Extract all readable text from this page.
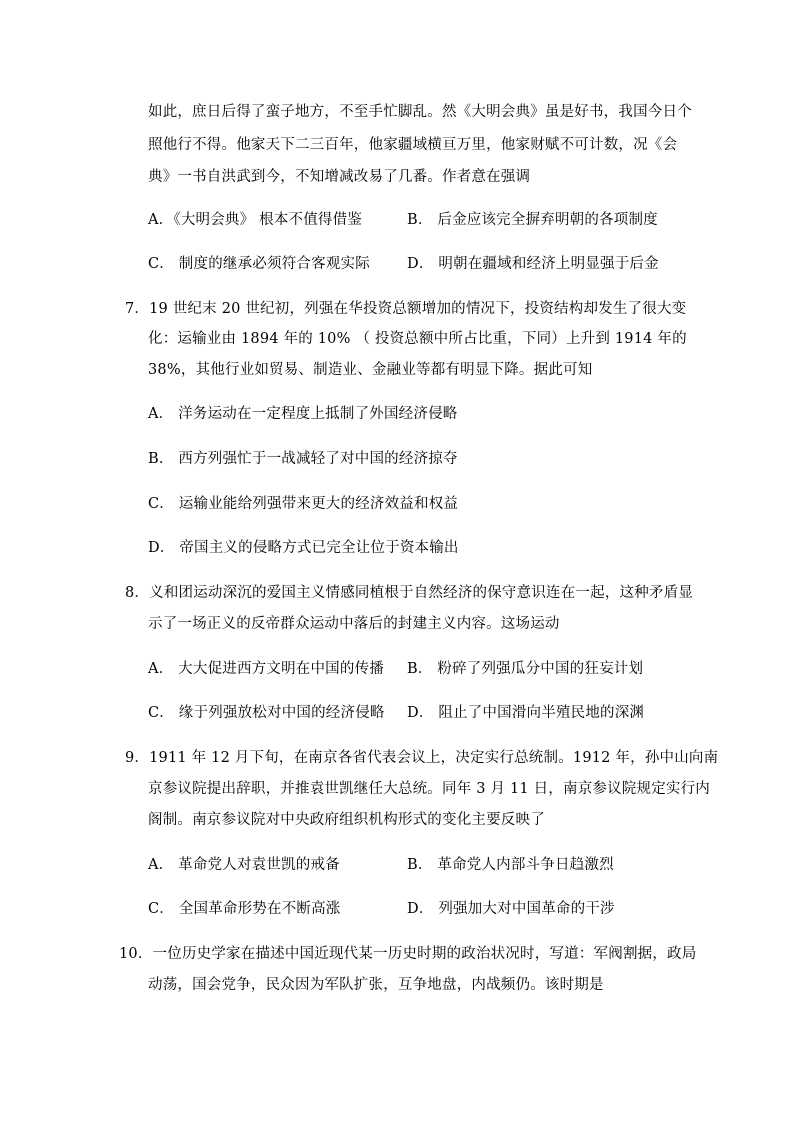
如此，庶日后得了蛮子地方，不至手忙脚乱。然《大明会典》虽是好书，我国今日个
照他行不得。他家天下二三百年，他家疆域横亘万里，他家财赋不可计数，况《会
典》一书自洪武到今，不知增减改易了几番。作者意在强调
A．《大明会典》 根本不值得借鉴	B． 后金应该完全摒弃明朝的各项制度
C． 制度的继承必须符合客观实际	D． 明朝在疆域和经济上明显强于后金
7．19 世纪末 20 世纪初，列强在华投资总额增加的情况下，投资结构却发生了很大变
化：运输业由 1894 年的 10% （ 投资总额中所占比重，下同）上升到 1914 年的
38%，其他行业如贸易、制造业、金融业等都有明显下降。据此可知
A． 洋务运动在一定程度上抵制了外国经济侵略
B． 西方列强忙于一战减轻了对中国的经济掠夺
C． 运输业能给列强带来更大的经济效益和权益
D． 帝国主义的侵略方式已完全让位于资本输出
8．义和团运动深沉的爱国主义情感同植根于自然经济的保守意识连在一起，这种矛盾显
示了一场正义的反帝群众运动中落后的封建主义内容。这场运动
A． 大大促进西方文明在中国的传播 B． 粉碎了列强瓜分中国的狂妄计划
C． 缘于列强放松对中国的经济侵略 D． 阻止了中国滑向半殖民地的深渊
9．1911 年 12 月下旬，在南京各省代表会议上，决定实行总统制。1912 年，孙中山向南
京参议院提出辞职，并推袁世凯继任大总统。同年 3 月 11 日，南京参议院规定实行内
阁制。南京参议院对中央政府组织机构形式的变化主要反映了
A． 革命党人对袁世凯的戒备	B． 革命党人内部斗争日趋激烈
C． 全国革命形势在不断高涨	D． 列强加大对中国革命的干涉
10．一位历史学家在描述中国近现代某一历史时期的政治状况时，写道：军阀割据，政局
动荡，国会党争，民众因为军队扩张，互争地盘，内战频仍。该时期是
